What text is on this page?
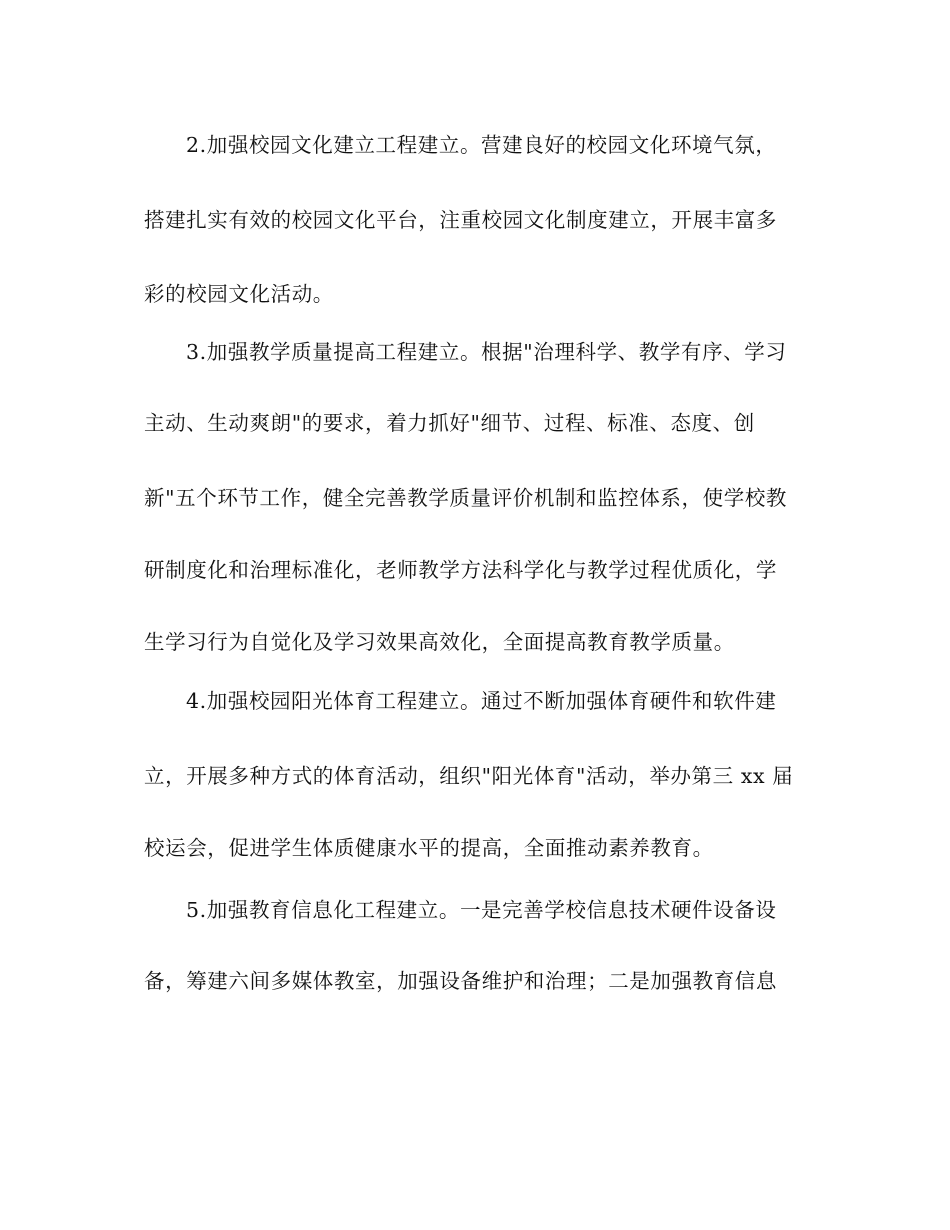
2.加强校园文化建立工程建立。营建良好的校园文化环境气氛，
搭建扎实有效的校园文化平台，注重校园文化制度建立，开展丰富多
彩的校园文化活动。
3.加强教学质量提高工程建立。根据"治理科学、教学有序、学习
主动、生动爽朗"的要求，着力抓好"细节、过程、标准、态度、创
新"五个环节工作，健全完善教学质量评价机制和监控体系，使学校教
研制度化和治理标准化，老师教学方法科学化与教学过程优质化，学
生学习行为自觉化及学习效果高效化，全面提高教育教学质量。
4.加强校园阳光体育工程建立。通过不断加强体育硬件和软件建
立，开展多种方式的体育活动，组织"阳光体育"活动，举办第三 xx 届
校运会，促进学生体质健康水平的提高，全面推动素养教育。
5.加强教育信息化工程建立。一是完善学校信息技术硬件设备设
备，筹建六间多媒体教室，加强设备维护和治理；二是加强教育信息
